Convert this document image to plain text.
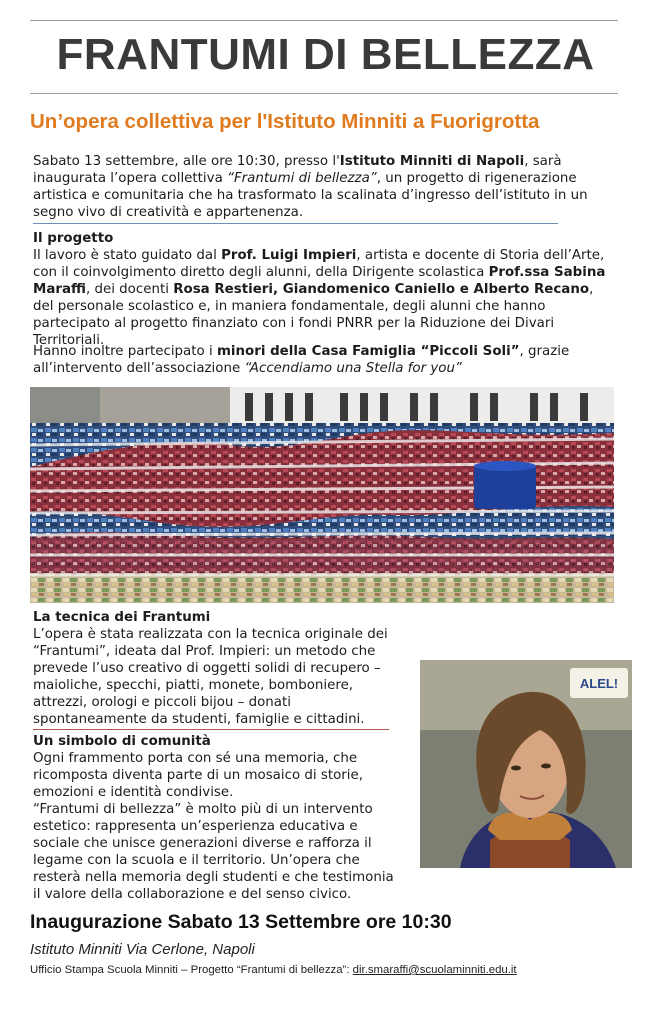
FRANTUMI DI BELLEZZA
Un’opera collettiva per l'Istituto Minniti a Fuorigrotta

Sabato 13 settembre, alle ore 10:30, presso l'Istituto Minniti di Napoli, sarà inaugurata l’opera collettiva “Frantumi di bellezza”, un progetto di rigenerazione artistica e comunitaria che ha trasformato la scalinata d’ingresso dell’istituto in un segno vivo di creatività e appartenenza.

Il progetto

Il lavoro è stato guidato dal Prof. Luigi Impieri, artista e docente di Storia dell’Arte, con il coinvolgimento diretto degli alunni, della Dirigente scolastica Prof.ssa Sabina Maraffi, dei docenti Rosa Restieri, Giandomenico Caniello e Alberto Recano, del personale scolastico e, in maniera fondamentale, degli alunni che hanno partecipato al progetto finanziato con i fondi PNRR per la Riduzione dei Divari Territoriali.

Hanno inoltre partecipato i minori della Casa Famiglia “Piccoli Soli”, grazie all’intervento dell’associazione “Accendiamo una Stella for you”

La tecnica dei Frantumi

L’opera è stata realizzata con la tecnica originale dei “Frantumi”, ideata dal Prof. Impieri: un metodo che prevede l’uso creativo di oggetti solidi di recupero – maioliche, specchi, piatti, monete, bomboniere, attrezzi, orologi e piccoli bijou – donati spontaneamente da studenti, famiglie e cittadini.

Un simbolo di comunità

Ogni frammento porta con sé una memoria, che ricomposta diventa parte di un mosaico di storie, emozioni e identità condivise.

“Frantumi di bellezza” è molto più di un intervento estetico: rappresenta un’esperienza educativa e sociale che unisce generazioni diverse e rafforza il legame con la scuola e il territorio. Un’opera che resterà nella memoria degli studenti e che testimonia il valore della collaborazione e del senso civico.

ALEL!
Inaugurazione Sabato 13 Settembre ore 10:30

Istituto Minniti Via Cerlone, Napoli

Ufficio Stampa Scuola Minniti – Progetto “Frantumi di bellezza”: dir.smaraffi@scuolaminniti.edu.it
